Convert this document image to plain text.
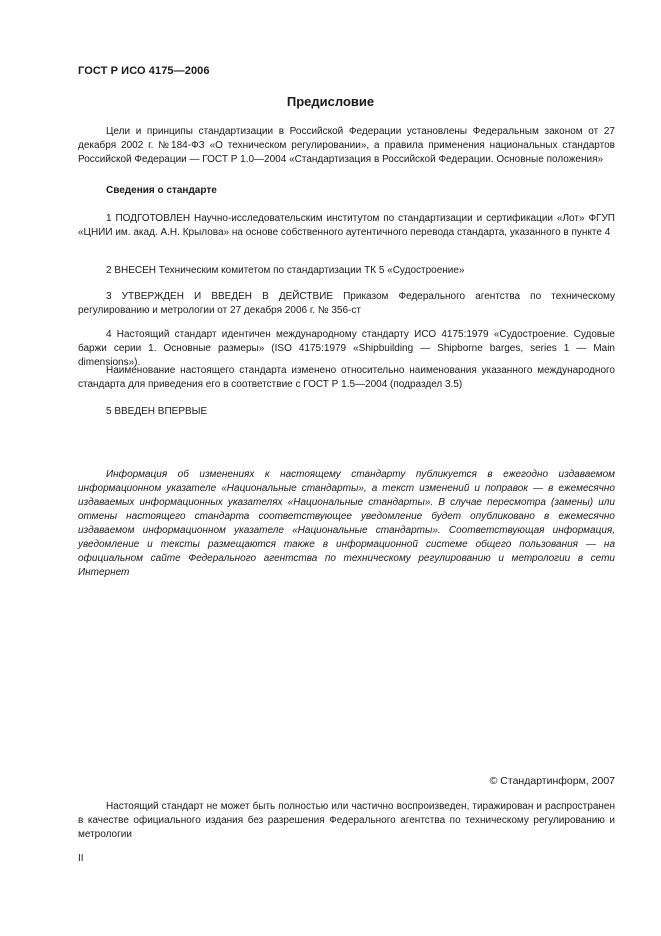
ГОСТ Р ИСО 4175—2006
Предисловие

Цели и принципы стандартизации в Российской Федерации установлены Федеральным законом от 27 декабря 2002 г. №184-ФЗ «О техническом регулировании», а правила применения национальных стандартов Российской Федерации — ГОСТ Р 1.0—2004 «Стандартизация в Российской Федерации. Основные положения»

Сведения о стандарте

1 ПОДГОТОВЛЕН Научно-исследовательским институтом по стандартизации и сертификации «Лот» ФГУП «ЦНИИ им. акад. А.Н. Крылова» на основе собственного аутентичного перевода стандарта, указанного в пункте 4

2 ВНЕСЕН Техническим комитетом по стандартизации ТК 5 «Судостроение»

3 УТВЕРЖДЕН И ВВЕДЕН В ДЕЙСТВИЕ Приказом Федерального агентства по техническому регулированию и метрологии от 27 декабря 2006 г. № 356-ст

4 Настоящий стандарт идентичен международному стандарту ИСО 4175:1979 «Судостроение. Судовые баржи серии 1. Основные размеры» (ISO 4175:1979 «Shipbuilding — Shipborne barges, series 1 — Main dimensions»).

Наименование настоящего стандарта изменено относительно наименования указанного международного стандарта для приведения его в соответствие с ГОСТ Р 1.5—2004 (подраздел 3.5)

5 ВВЕДЕН ВПЕРВЫЕ

Информация об изменениях к настоящему стандарту публикуется в ежегодно издаваемом информационном указателе «Национальные стандарты», а текст изменений и поправок — в ежемесячно издаваемых информационных указателях «Национальные стандарты». В случае пересмотра (замены) или отмены настоящего стандарта соответствующее уведомление будет опубликовано в ежемесячно издаваемом информационном указателе «Национальные стандарты». Соответствующая информация, уведомление и тексты размещаются также в информационной системе общего пользования — на официальном сайте Федерального агентства по техническому регулированию и метрологии в сети Интернет

© Стандартинформ, 2007

Настоящий стандарт не может быть полностью или частично воспроизведен, тиражирован и распространен в качестве официального издания без разрешения Федерального агентства по техническому регулированию и метрологии

II
